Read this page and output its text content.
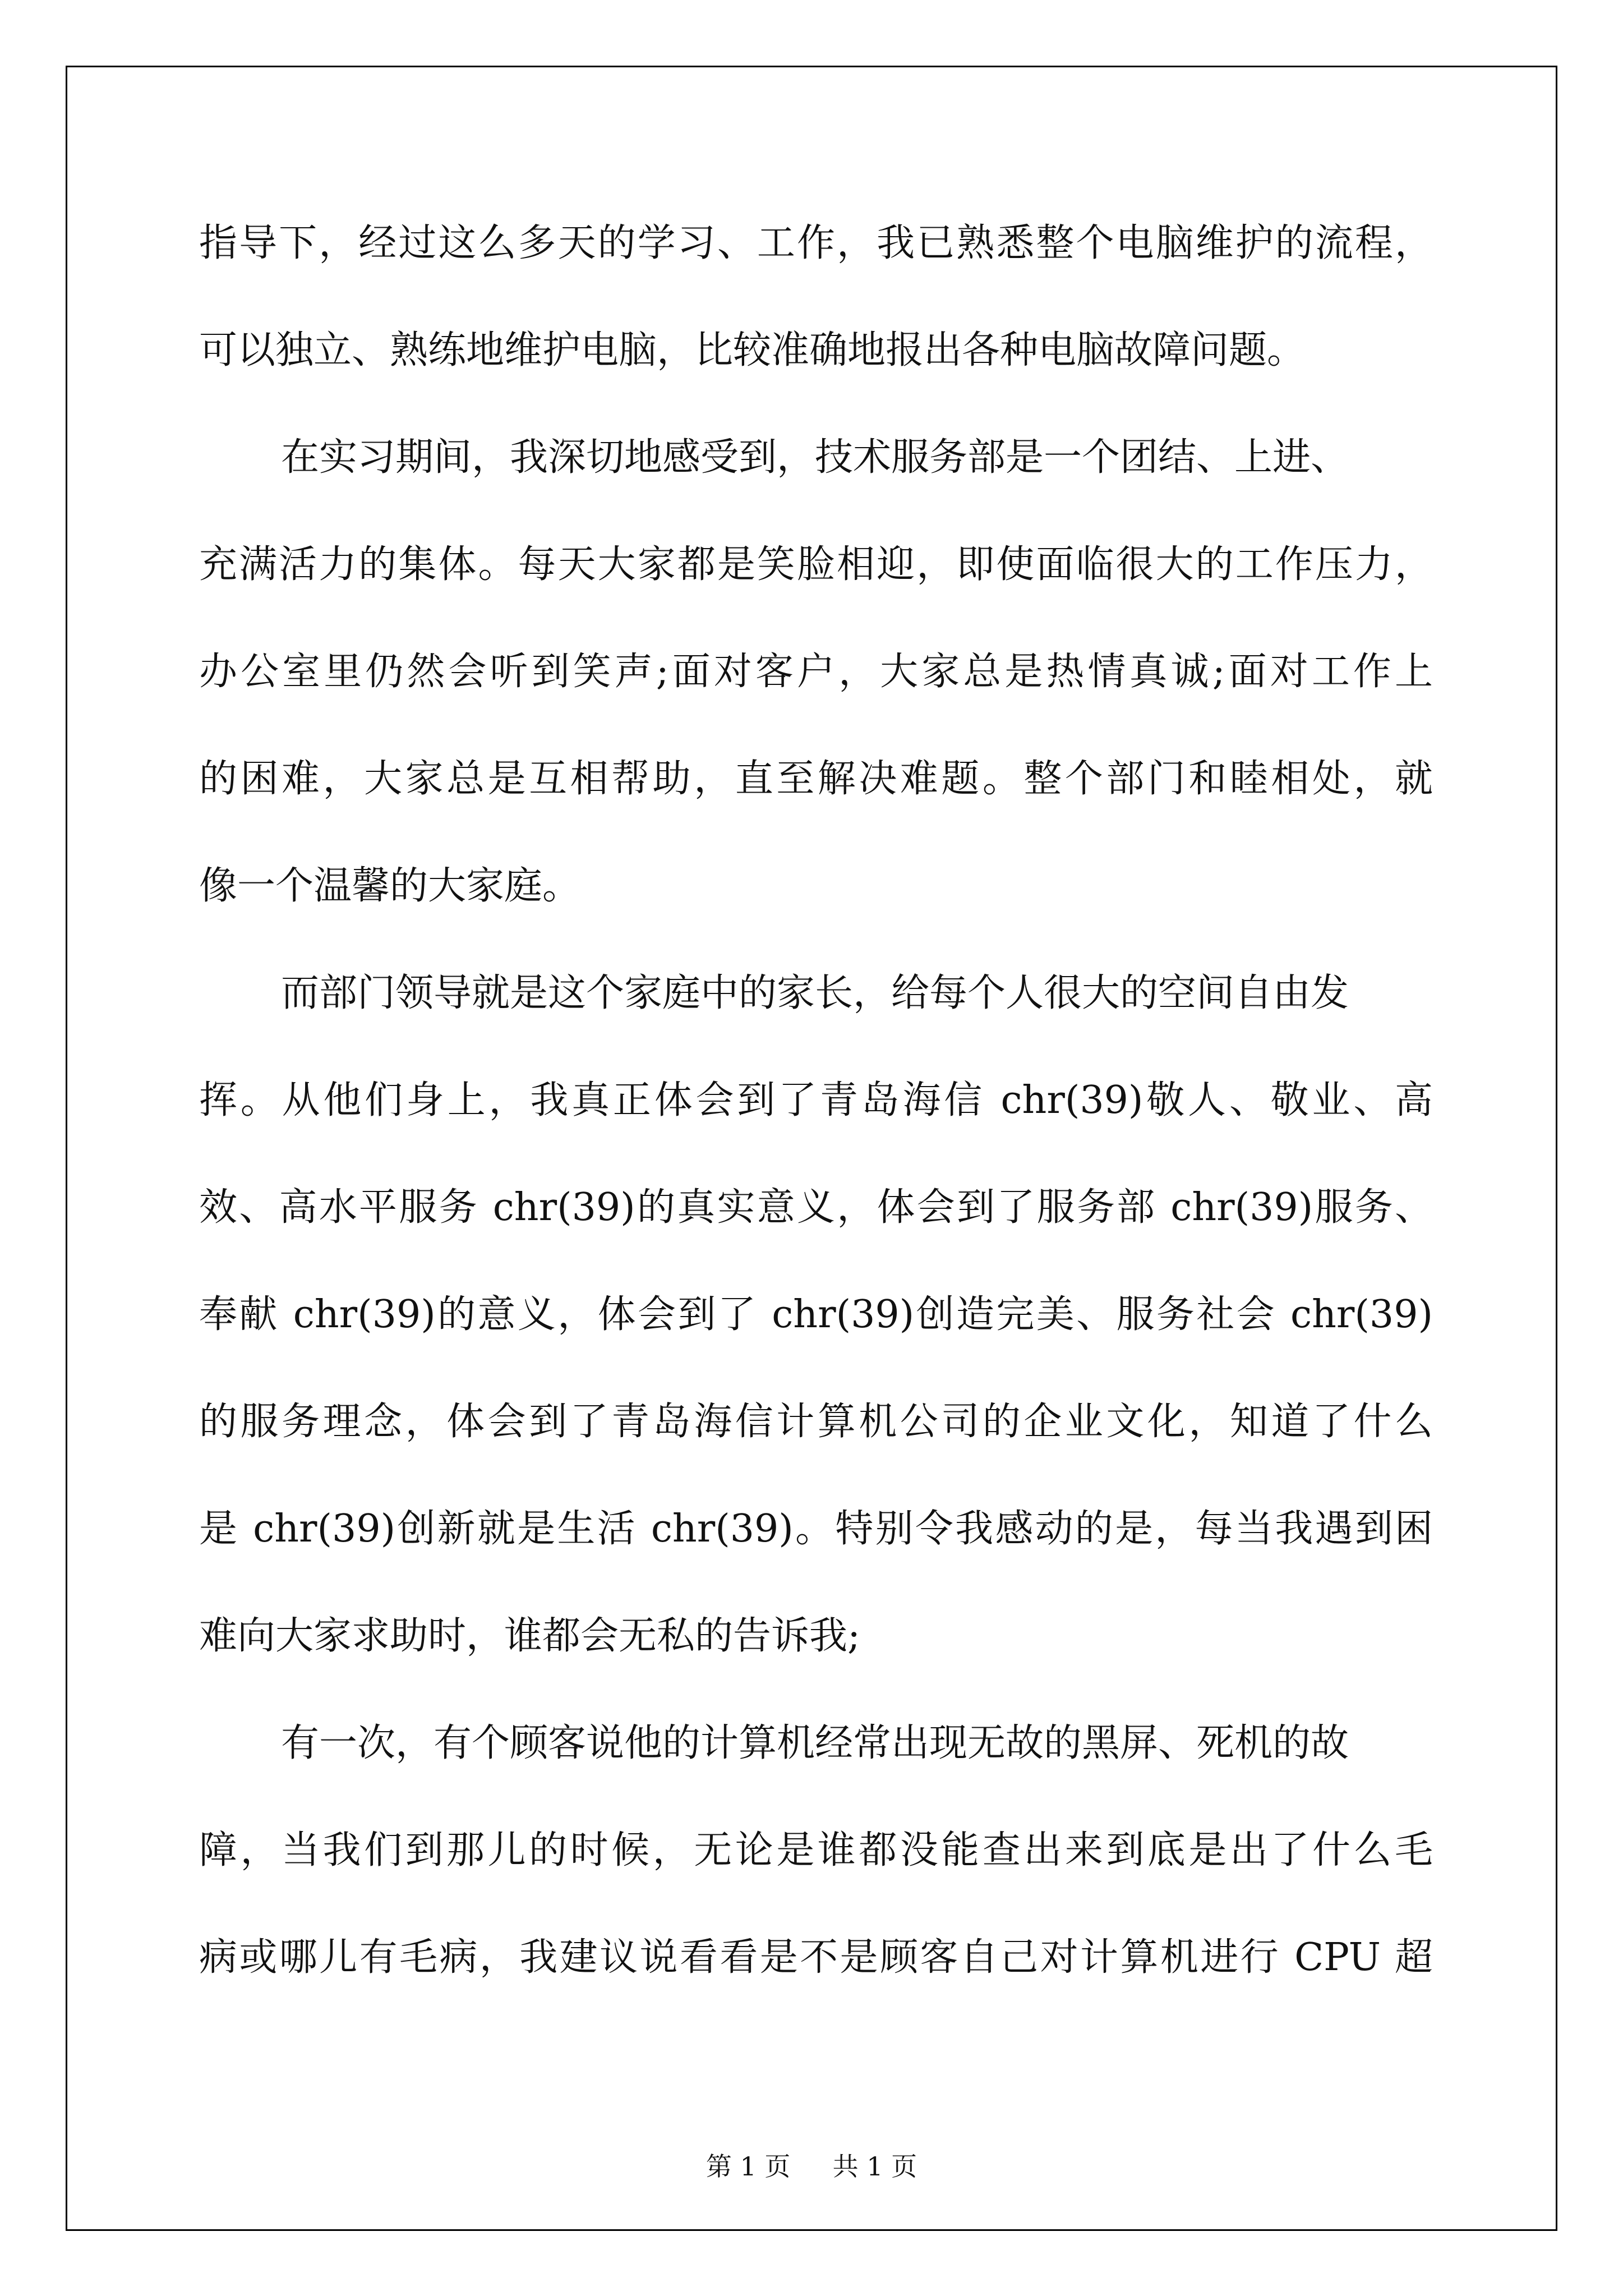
指导下，经过这么多天的学习、工作，我已熟悉整个电脑维护的流程，
可以独立、熟练地维护电脑，比较准确地报出各种电脑故障问题。
在实习期间，我深切地感受到，技术服务部是一个团结、上进、
充满活力的集体。每天大家都是笑脸相迎，即使面临很大的工作压力，
办公室里仍然会听到笑声;面对客户，大家总是热情真诚;面对工作上
的困难，大家总是互相帮助，直至解决难题。整个部门和睦相处，就
像一个温馨的大家庭。
而部门领导就是这个家庭中的家长，给每个人很大的空间自由发
挥。从他们身上，我真正体会到了青岛海信 chr(39)敬人、敬业、高
效、高水平服务 chr(39)的真实意义，体会到了服务部 chr(39)服务、
奉献 chr(39)的意义，体会到了 chr(39)创造完美、服务社会 chr(39)
的服务理念，体会到了青岛海信计算机公司的企业文化，知道了什么
是 chr(39)创新就是生活 chr(39)。特别令我感动的是，每当我遇到困
难向大家求助时，谁都会无私的告诉我;
有一次，有个顾客说他的计算机经常出现无故的黑屏、死机的故
障，当我们到那儿的时候，无论是谁都没能查出来到底是出了什么毛
病或哪儿有毛病，我建议说看看是不是顾客自己对计算机进行 CPU 超
第 1 页 共 1 页
